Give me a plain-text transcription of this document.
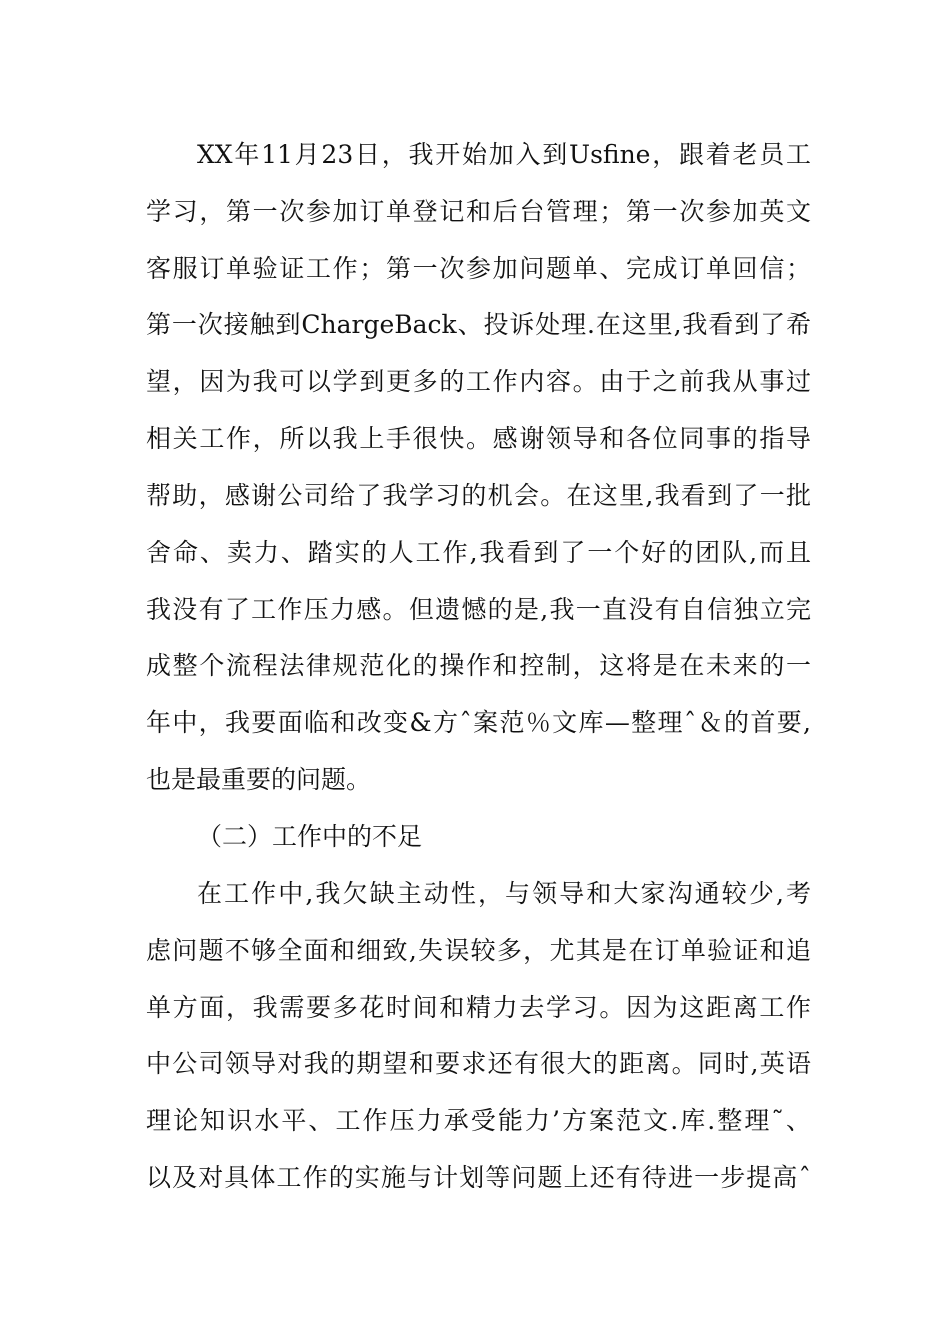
XX年11月23日，我开始加入到Usfine，跟着老员工
学习，第一次参加订单登记和后台管理；第一次参加英文
客服订单验证工作；第一次参加问题单、完成订单回信；
第一次接触到ChargeBack、投诉处理.在这里,我看到了希
望，因为我可以学到更多的工作内容。由于之前我从事过
相关工作，所以我上手很快。感谢领导和各位同事的指导
帮助，感谢公司给了我学习的机会。在这里,我看到了一批
舍命、卖力、踏实的人工作,我看到了一个好的团队,而且
我没有了工作压力感。但遗憾的是,我一直没有自信独立完
成整个流程法律规范化的操作和控制，这将是在未来的一
年中，我要面临和改变&方ˆ案范％文库—整理ˆ＆的首要,
也是最重要的问题。
（二）工作中的不足
在工作中,我欠缺主动性，与领导和大家沟通较少,考
虑问题不够全面和细致,失误较多，尤其是在订单验证和追
单方面，我需要多花时间和精力去学习。因为这距离工作
中公司领导对我的期望和要求还有很大的距离。同时,英语
理论知识水平、工作压力承受能力’方案范文.库.整理˜、
以及对具体工作的实施与计划等问题上还有待进一步提高ˆ
